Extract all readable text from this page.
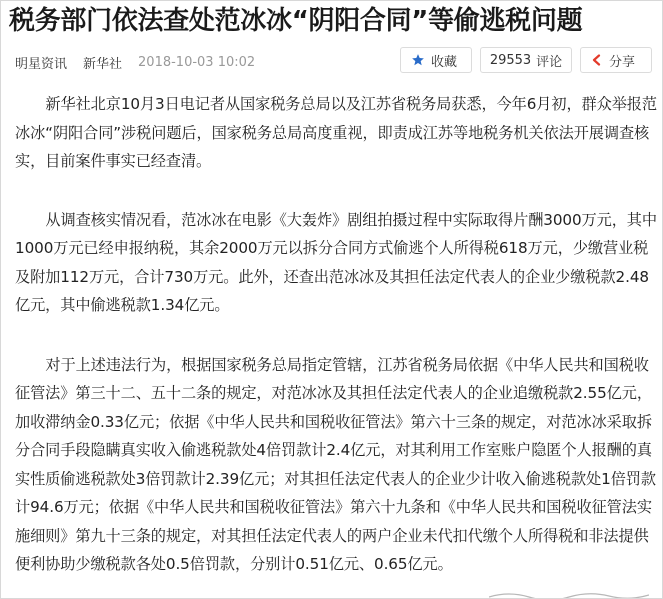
税务部门依法查处范冰冰“阴阳合同”等偷逃税问题
明星资讯 新华社 2018-10-03 10:02	收藏	29553 评论	分享

新华社北京10月3日电记者从国家税务总局以及江苏省税务局获悉，今年6月初，群众举报范冰冰“阴阳合同”涉税问题后，国家税务总局高度重视，即责成江苏等地税务机关依法开展调查核实，目前案件事实已经查清。

从调查核实情况看，范冰冰在电影《大轰炸》剧组拍摄过程中实际取得片酬3000万元，其中1000万元已经申报纳税，其余2000万元以拆分合同方式偷逃个人所得税618万元，少缴营业税及附加112万元，合计730万元。此外，还查出范冰冰及其担任法定代表人的企业少缴税款2.48亿元，其中偷逃税款1.34亿元。

对于上述违法行为，根据国家税务总局指定管辖，江苏省税务局依据《中华人民共和国税收征管法》第三十二、五十二条的规定，对范冰冰及其担任法定代表人的企业追缴税款2.55亿元，加收滞纳金0.33亿元；依据《中华人民共和国税收征管法》第六十三条的规定，对范冰冰采取拆分合同手段隐瞒真实收入偷逃税款处4倍罚款计2.4亿元，对其利用工作室账户隐匿个人报酬的真实性质偷逃税款处3倍罚款计2.39亿元；对其担任法定代表人的企业少计收入偷逃税款处1倍罚款计94.6万元；依据《中华人民共和国税收征管法》第六十九条和《中华人民共和国税收征管法实施细则》第九十三条的规定，对其担任法定代表人的两户企业未代扣代缴个人所得税和非法提供便利协助少缴税款各处0.5倍罚款，分别计0.51亿元、0.65亿元。
